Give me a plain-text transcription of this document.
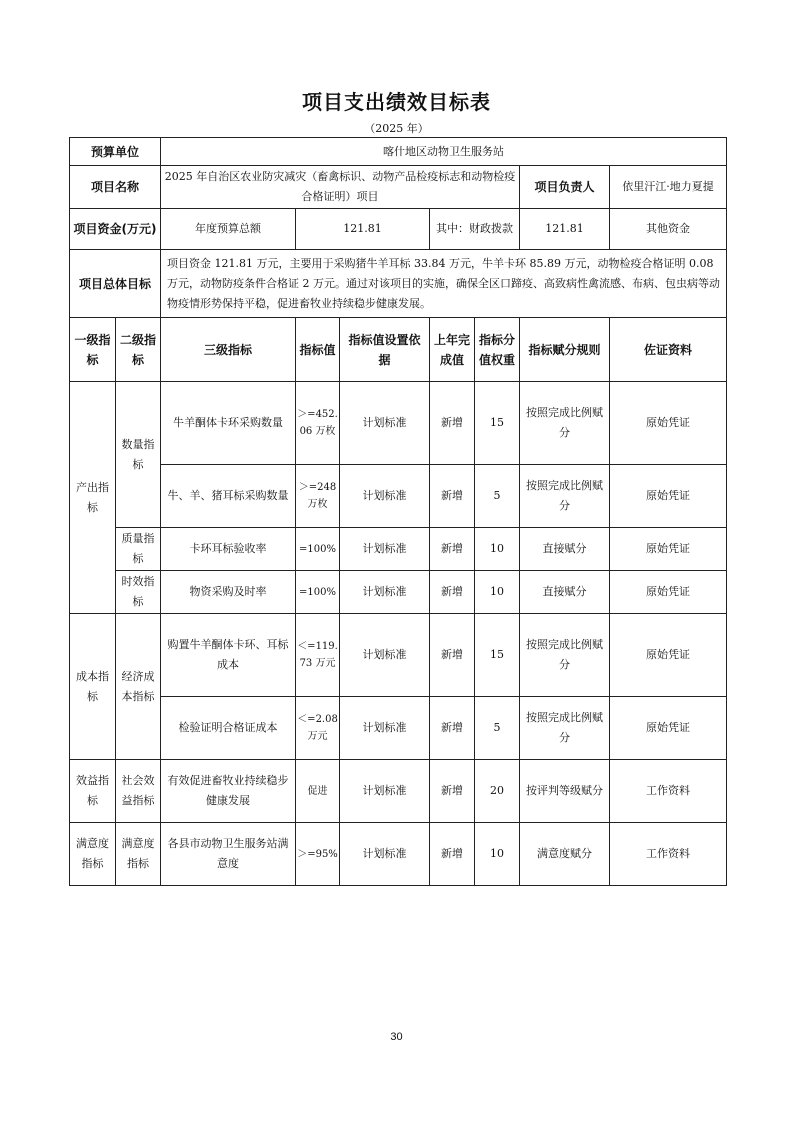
项目支出绩效目标表
（2025 年）
预算单位		喀什地区动物卫生服务站						
项目名称		2025 年自治区农业防灾减灾（畜禽标识、动物产品检疫标志和动物检疫合格证明）项目					项目负责人	依里汗江·地力夏提
项目资金(万元)		年度预算总额	121.81		其中：财政拨款		121.81	其他资金
项目总体目标		项目资金 121.81 万元，主要用于采购猪牛羊耳标 33.84 万元，牛羊卡环 85.89 万元，动物检疫合格证明 0.08 万元，动物防疫条件合格证 2 万元。通过对该项目的实施，确保全区口蹄疫、高致病性禽流感、布病、包虫病等动物疫情形势保持平稳，促进畜牧业持续稳步健康发展。						
一级指标	二级指标	三级指标	指标值	指标值设置依据	上年完成值	指标分值权重	指标赋分规则	佐证资料
产出指标	数量指标	牛羊酮体卡环采购数量	＞=452.06 万枚	计划标准	新增	15	按照完成比例赋分	原始凭证
		牛、羊、猪耳标采购数量	＞=248 万枚	计划标准	新增	5	按照完成比例赋分	原始凭证
	质量指标	卡环耳标验收率	=100%	计划标准	新增	10	直接赋分	原始凭证
	时效指标	物资采购及时率	=100%	计划标准	新增	10	直接赋分	原始凭证
成本指标	经济成本指标	购置牛羊酮体卡环、耳标成本	＜=119.73 万元	计划标准	新增	15	按照完成比例赋分	原始凭证
		检验证明合格证成本	＜=2.08 万元	计划标准	新增	5	按照完成比例赋分	原始凭证
效益指标	社会效益指标	有效促进畜牧业持续稳步健康发展	促进	计划标准	新增	20	按评判等级赋分	工作资料
满意度指标	满意度指标	各县市动物卫生服务站满意度	＞=95%	计划标准	新增	10	满意度赋分	工作资料
30
